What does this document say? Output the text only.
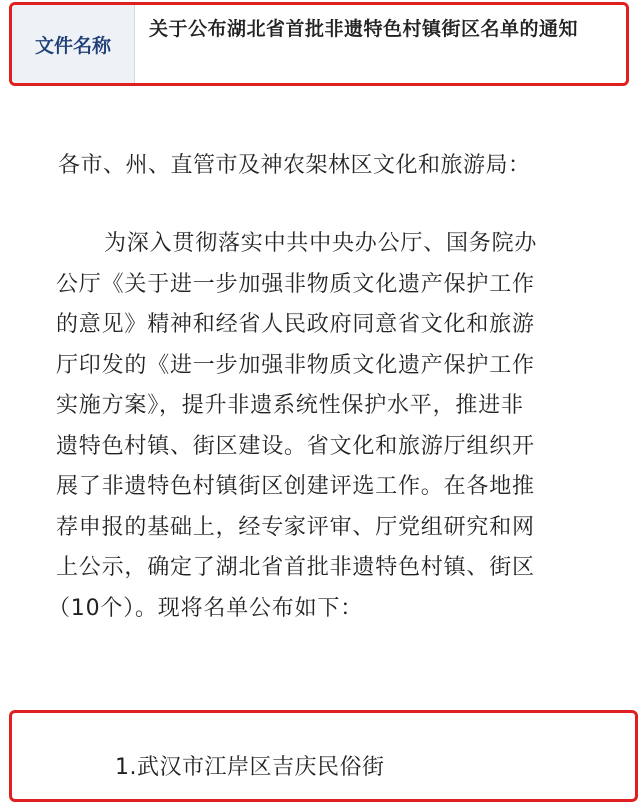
文件名称
关于公布湖北省首批非遗特色村镇街区名单的通知
各市、州、直管市及神农架林区文化和旅游局：
为深入贯彻落实中共中央办公厅、国务院办
公厅《关于进一步加强非物质文化遗产保护工作
的意见》精神和经省人民政府同意省文化和旅游
厅印发的《进一步加强非物质文化遗产保护工作
实施方案》，提升非遗系统性保护水平，推进非
遗特色村镇、街区建设。省文化和旅游厅组织开
展了非遗特色村镇街区创建评选工作。在各地推
荐申报的基础上，经专家评审、厅党组研究和网
上公示，确定了湖北省首批非遗特色村镇、街区
（10个）。现将名单公布如下：
1.武汉市江岸区吉庆民俗街
